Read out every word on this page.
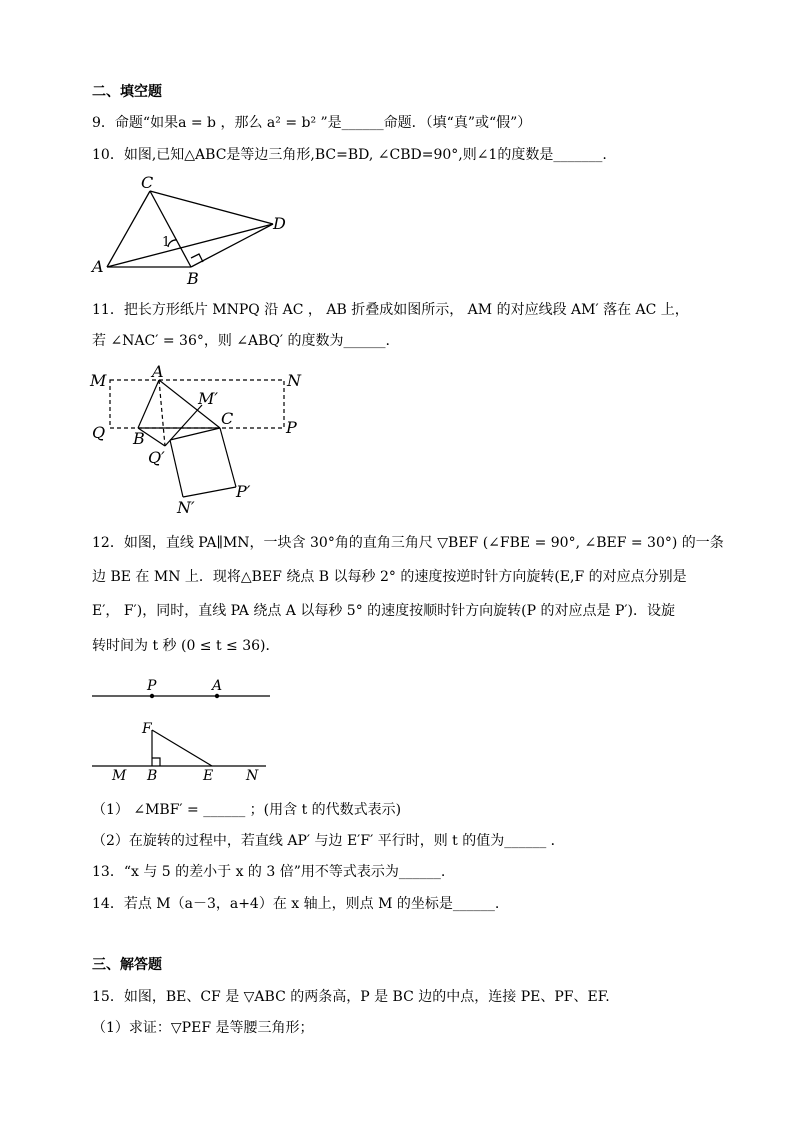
二、填空题
9．命题“如果a = b ，那么 a² = b² ”是______命题．（填“真”或“假”）
10．如图,已知△ABC是等边三角形,BC=BD, ∠CBD=90°,则∠1的度数是_______.
C
D
A
B
1
11．把长方形纸片 MNPQ 沿 AC ， AB 折叠成如图所示， AM 的对应线段 AM′ 落在 AC 上，
若 ∠NAC′ = 36°，则 ∠ABQ′ 的度数为______.
M	A	N
M′
Q B
C	P
Q′
N′
P′
12．如图，直线 PA∥MN，一块含 30°角的直角三角尺 ▽BEF (∠FBE = 90°, ∠BEF = 30°) 的一条
边 BE 在 MN 上．现将△BEF 绕点 B 以每秒 2° 的速度按逆时针方向旋转(E,F 的对应点分别是
E′， F′)，同时，直线 PA 绕点 A 以每秒 5° 的速度按顺时针方向旋转(P 的对应点是 P′)．设旋
转时间为 t 秒 (0 ≤ t ≤ 36)．
P	A
F
M B	E N
（1） ∠MBF′ = ______ ；(用含 t 的代数式表示)
（2）在旋转的过程中，若直线 AP′ 与边 E′F′ 平行时，则 t 的值为______ ．
13．“x 与 5 的差小于 x 的 3 倍”用不等式表示为______.
14．若点 M（a－3，a+4）在 x 轴上，则点 M 的坐标是______.
三、解答题
15．如图，BE、CF 是 ▽ABC 的两条高，P 是 BC 边的中点，连接 PE、PF、EF.
（1）求证：▽PEF 是等腰三角形；
